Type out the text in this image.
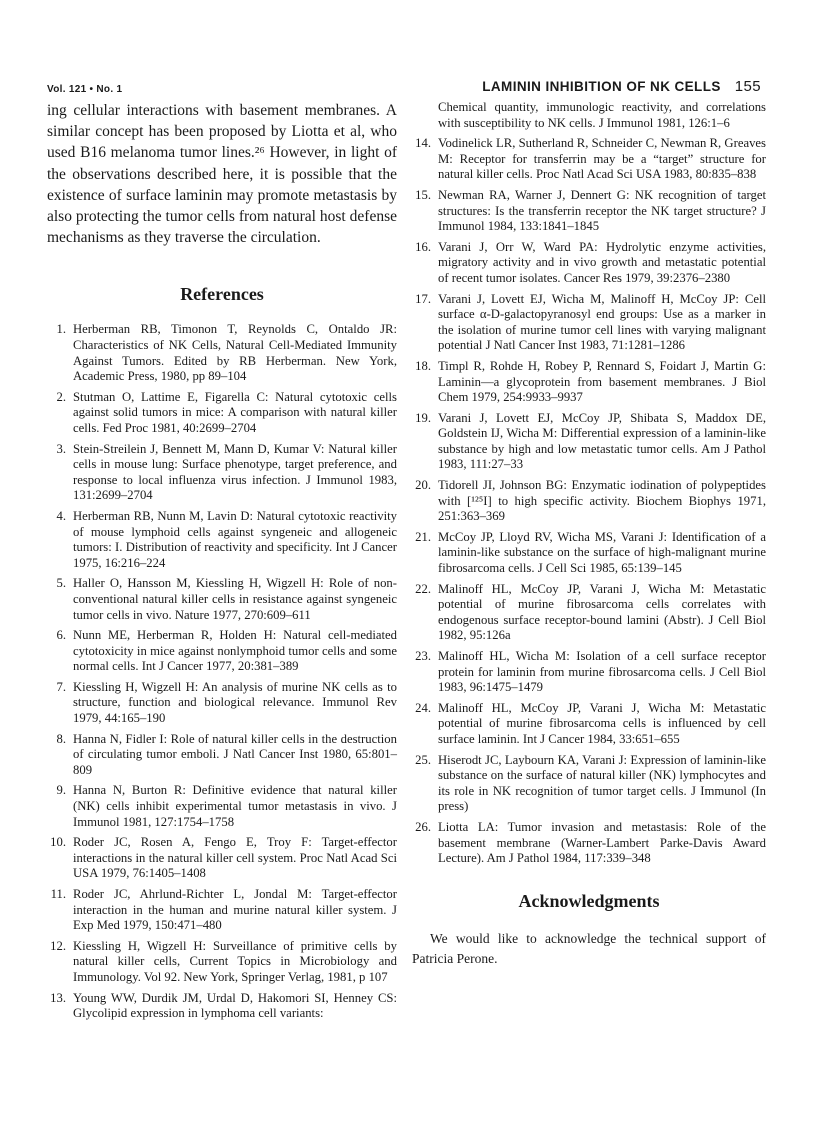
Vol. 121 • No. 1	LAMININ INHIBITION OF NK CELLS 155

ing cellular interactions with basement membranes. A similar concept has been proposed by Liotta et al, who used B16 melanoma tumor lines.²⁶ However, in light of the observations described here, it is possible that the existence of surface laminin may promote metastasis by also protecting the tumor cells from natural host defense mechanisms as they traverse the circulation.

References
1. Herberman RB, Timonon T, Reynolds C, Ontaldo JR: Characteristics of NK Cells, Natural Cell-Mediated Immunity Against Tumors. Edited by RB Herberman. New York, Academic Press, 1980, pp 89–104
2. Stutman O, Lattime E, Figarella C: Natural cytotoxic cells against solid tumors in mice: A comparison with natural killer cells. Fed Proc 1981, 40:2699–2704
3. Stein-Streilein J, Bennett M, Mann D, Kumar V: Natural killer cells in mouse lung: Surface phenotype, target preference, and response to local influenza virus infection. J Immunol 1983, 131:2699–2704
4. Herberman RB, Nunn M, Lavin D: Natural cytotoxic reactivity of mouse lymphoid cells against syngeneic and allogeneic tumors: I. Distribution of reactivity and specificity. Int J Cancer 1975, 16:216–224
5. Haller O, Hansson M, Kiessling H, Wigzell H: Role of non-conventional natural killer cells in resistance against syngeneic tumor cells in vivo. Nature 1977, 270:609–611
6. Nunn ME, Herberman R, Holden H: Natural cell-mediated cytotoxicity in mice against nonlymphoid tumor cells and some normal cells. Int J Cancer 1977, 20:381–389
7. Kiessling H, Wigzell H: An analysis of murine NK cells as to structure, function and biological relevance. Immunol Rev 1979, 44:165–190
8. Hanna N, Fidler I: Role of natural killer cells in the destruction of circulating tumor emboli. J Natl Cancer Inst 1980, 65:801–809
9. Hanna N, Burton R: Definitive evidence that natural killer (NK) cells inhibit experimental tumor metastasis in vivo. J Immunol 1981, 127:1754–1758
10. Roder JC, Rosen A, Fengo E, Troy F: Target-effector interactions in the natural killer cell system. Proc Natl Acad Sci USA 1979, 76:1405–1408
11. Roder JC, Ahrlund-Richter L, Jondal M: Target-effector interaction in the human and murine natural killer system. J Exp Med 1979, 150:471–480
12. Kiessling H, Wigzell H: Surveillance of primitive cells by natural killer cells, Current Topics in Microbiology and Immunology. Vol 92. New York, Springer Verlag, 1981, p 107
13. Young WW, Durdik JM, Urdal D, Hakomori SI, Henney CS: Glycolipid expression in lymphoma cell variants:

Chemical quantity, immunologic reactivity, and correlations with susceptibility to NK cells. J Immunol 1981, 126:1–6

14. Vodinelick LR, Sutherland R, Schneider C, Newman R, Greaves M: Receptor for transferrin may be a “target” structure for natural killer cells. Proc Natl Acad Sci USA 1983, 80:835–838
15. Newman RA, Warner J, Dennert G: NK recognition of target structures: Is the transferrin receptor the NK target structure? J Immunol 1984, 133:1841–1845
16. Varani J, Orr W, Ward PA: Hydrolytic enzyme activities, migratory activity and in vivo growth and metastatic potential of recent tumor isolates. Cancer Res 1979, 39:2376–2380
17. Varani J, Lovett EJ, Wicha M, Malinoff H, McCoy JP: Cell surface α-D-galactopyranosyl end groups: Use as a marker in the isolation of murine tumor cell lines with varying malignant potential J Natl Cancer Inst 1983, 71:1281–1286
18. Timpl R, Rohde H, Robey P, Rennard S, Foidart J, Martin G: Laminin—a glycoprotein from basement membranes. J Biol Chem 1979, 254:9933–9937
19. Varani J, Lovett EJ, McCoy JP, Shibata S, Maddox DE, Goldstein IJ, Wicha M: Differential expression of a laminin-like substance by high and low metastatic tumor cells. Am J Pathol 1983, 111:27–33
20. Tidorell JI, Johnson BG: Enzymatic iodination of polypeptides with [¹²⁵I] to high specific activity. Biochem Biophys 1971, 251:363–369
21. McCoy JP, Lloyd RV, Wicha MS, Varani J: Identification of a laminin-like substance on the surface of high-malignant murine fibrosarcoma cells. J Cell Sci 1985, 65:139–145
22. Malinoff HL, McCoy JP, Varani J, Wicha M: Metastatic potential of murine fibrosarcoma cells correlates with endogenous surface receptor-bound lamini (Abstr). J Cell Biol 1982, 95:126a
23. Malinoff HL, Wicha M: Isolation of a cell surface receptor protein for laminin from murine fibrosarcoma cells. J Cell Biol 1983, 96:1475–1479
24. Malinoff HL, McCoy JP, Varani J, Wicha M: Metastatic potential of murine fibrosarcoma cells is influenced by cell surface laminin. Int J Cancer 1984, 33:651–655
25. Hiserodt JC, Laybourn KA, Varani J: Expression of laminin-like substance on the surface of natural killer (NK) lymphocytes and its role in NK recognition of tumor target cells. J Immunol (In press)
26. Liotta LA: Tumor invasion and metastasis: Role of the basement membrane (Warner-Lambert Parke-Davis Award Lecture). Am J Pathol 1984, 117:339–348
Acknowledgments

We would like to acknowledge the technical support of Patricia Perone.
